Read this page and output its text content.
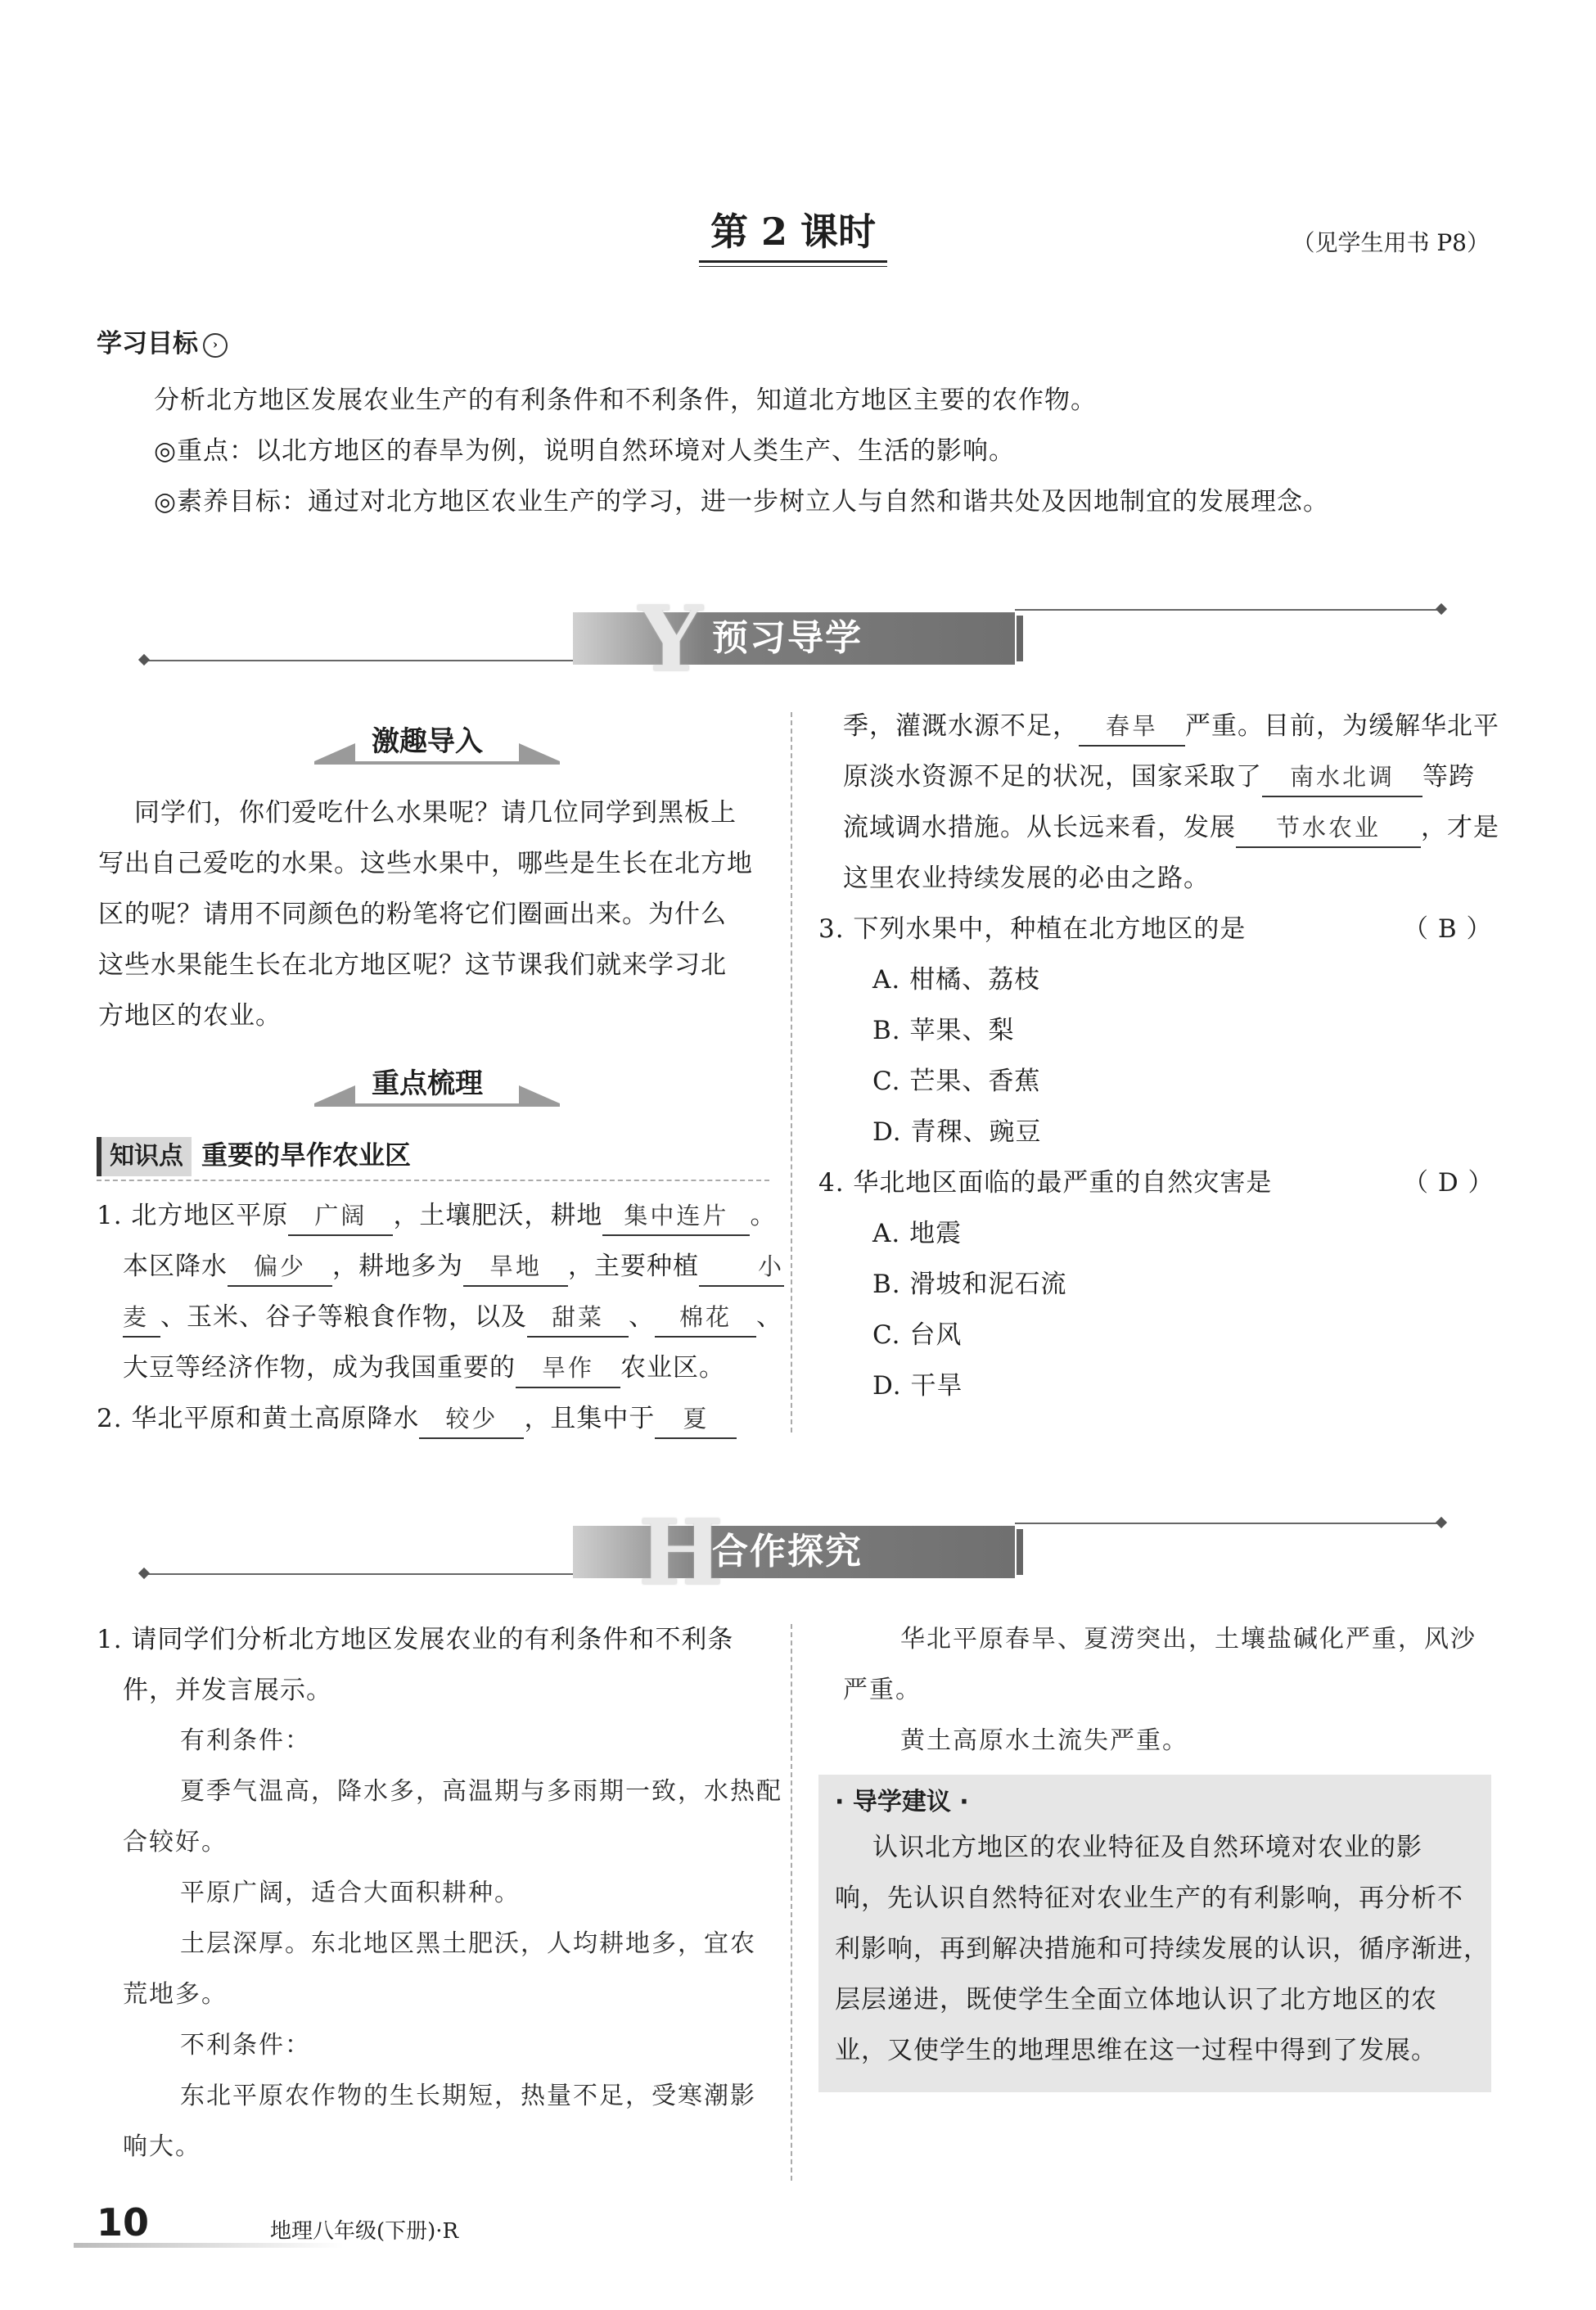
第 2 课时	（见学生用书 P8）
学习目标 ›
分析北方地区发展农业生产的有利条件和不利条件，知道北方地区主要的农作物。
◎重点：以北方地区的春旱为例，说明自然环境对人类生产、生活的影响。
◎素养目标：通过对北方地区农业生产的学习，进一步树立人与自然和谐共处及因地制宜的发展理念。
Y 预习导学
激趣导入
同学们，你们爱吃什么水果呢？请几位同学到黑板上
写出自己爱吃的水果。这些水果中，哪些是生长在北方地
区的呢？请用不同颜色的粉笔将它们圈画出来。为什么
这些水果能生长在北方地区呢？这节课我们就来学习北
方地区的农业。
重点梳理
知识点 重要的旱作农业区
1. 北方地区平原 广阔 ，土壤肥沃，耕地 集中连片 。
本区降水 偏少 ，耕地多为 旱地 ，主要种植 小
麦 、玉米、谷子等粮食作物，以及 甜菜 、 棉花 、
大豆等经济作物，成为我国重要的 旱作 农业区。
2. 华北平原和黄土高原降水 较少 ，且集中于 夏
季，灌溉水源不足， 春旱 严重。目前，为缓解华北平
原淡水资源不足的状况，国家采取了 南水北调 等跨
流域调水措施。从长远来看，发展 节水农业 ，才是
这里农业持续发展的必由之路。
3. 下列水果中，种植在北方地区的是	（ B ）
A. 柑橘、荔枝
B. 苹果、梨
C. 芒果、香蕉
D. 青稞、豌豆
4. 华北地区面临的最严重的自然灾害是	（ D ）
A. 地震
B. 滑坡和泥石流
C. 台风
D. 干旱
H
合作探究
1. 请同学们分析北方地区发展农业的有利条件和不利条
件，并发言展示。
有利条件：
夏季气温高，降水多，高温期与多雨期一致，水热配
合较好。
平原广阔，适合大面积耕种。
土层深厚。东北地区黑土肥沃，人均耕地多，宜农
荒地多。
不利条件：
东北平原农作物的生长期短，热量不足，受寒潮影
响大。
华北平原春旱、夏涝突出，土壤盐碱化严重，风沙
严重。
黄土高原水土流失严重。
· 导学建议 ·
认识北方地区的农业特征及自然环境对农业的影
响，先认识自然特征对农业生产的有利影响，再分析不
利影响，再到解决措施和可持续发展的认识，循序渐进，
层层递进，既使学生全面立体地认识了北方地区的农
业，又使学生的地理思维在这一过程中得到了发展。
10	地理八年级(下册)·R
